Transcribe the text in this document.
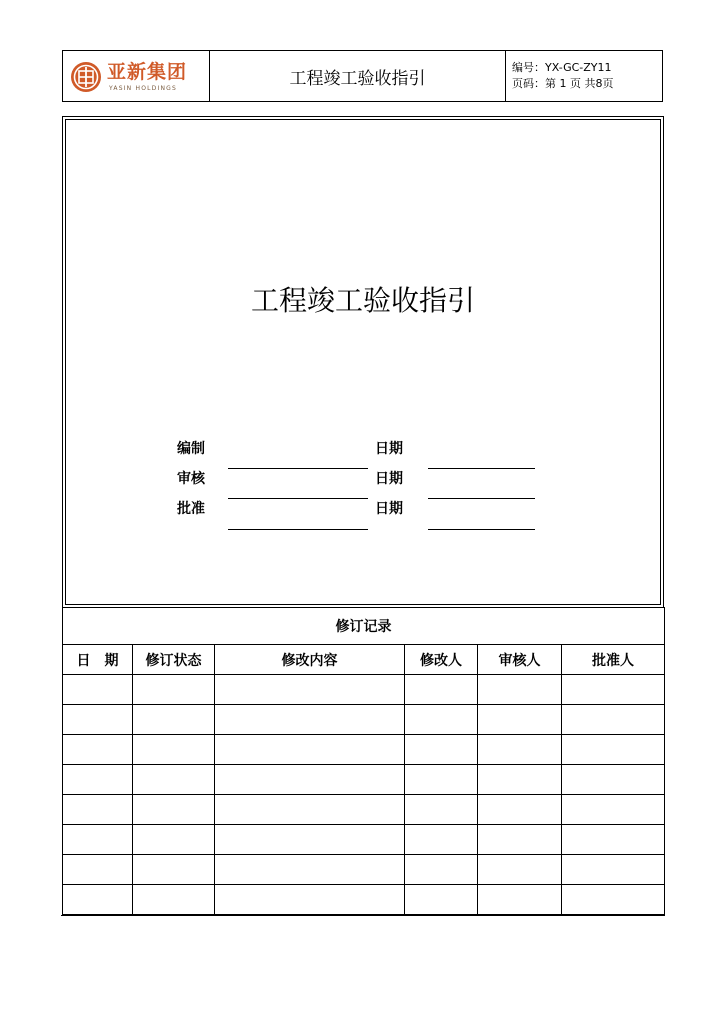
亚新集团
YASIN HOLDINGS	工程竣工验收指引
编号：YX-GC-ZY11
页码：第 1 页 共8页
工程竣工验收指引
编制	日期
审核	日期
批准	日期
修订记录					
日　期	修订状态	修改内容	修改人	审核人	批准人
